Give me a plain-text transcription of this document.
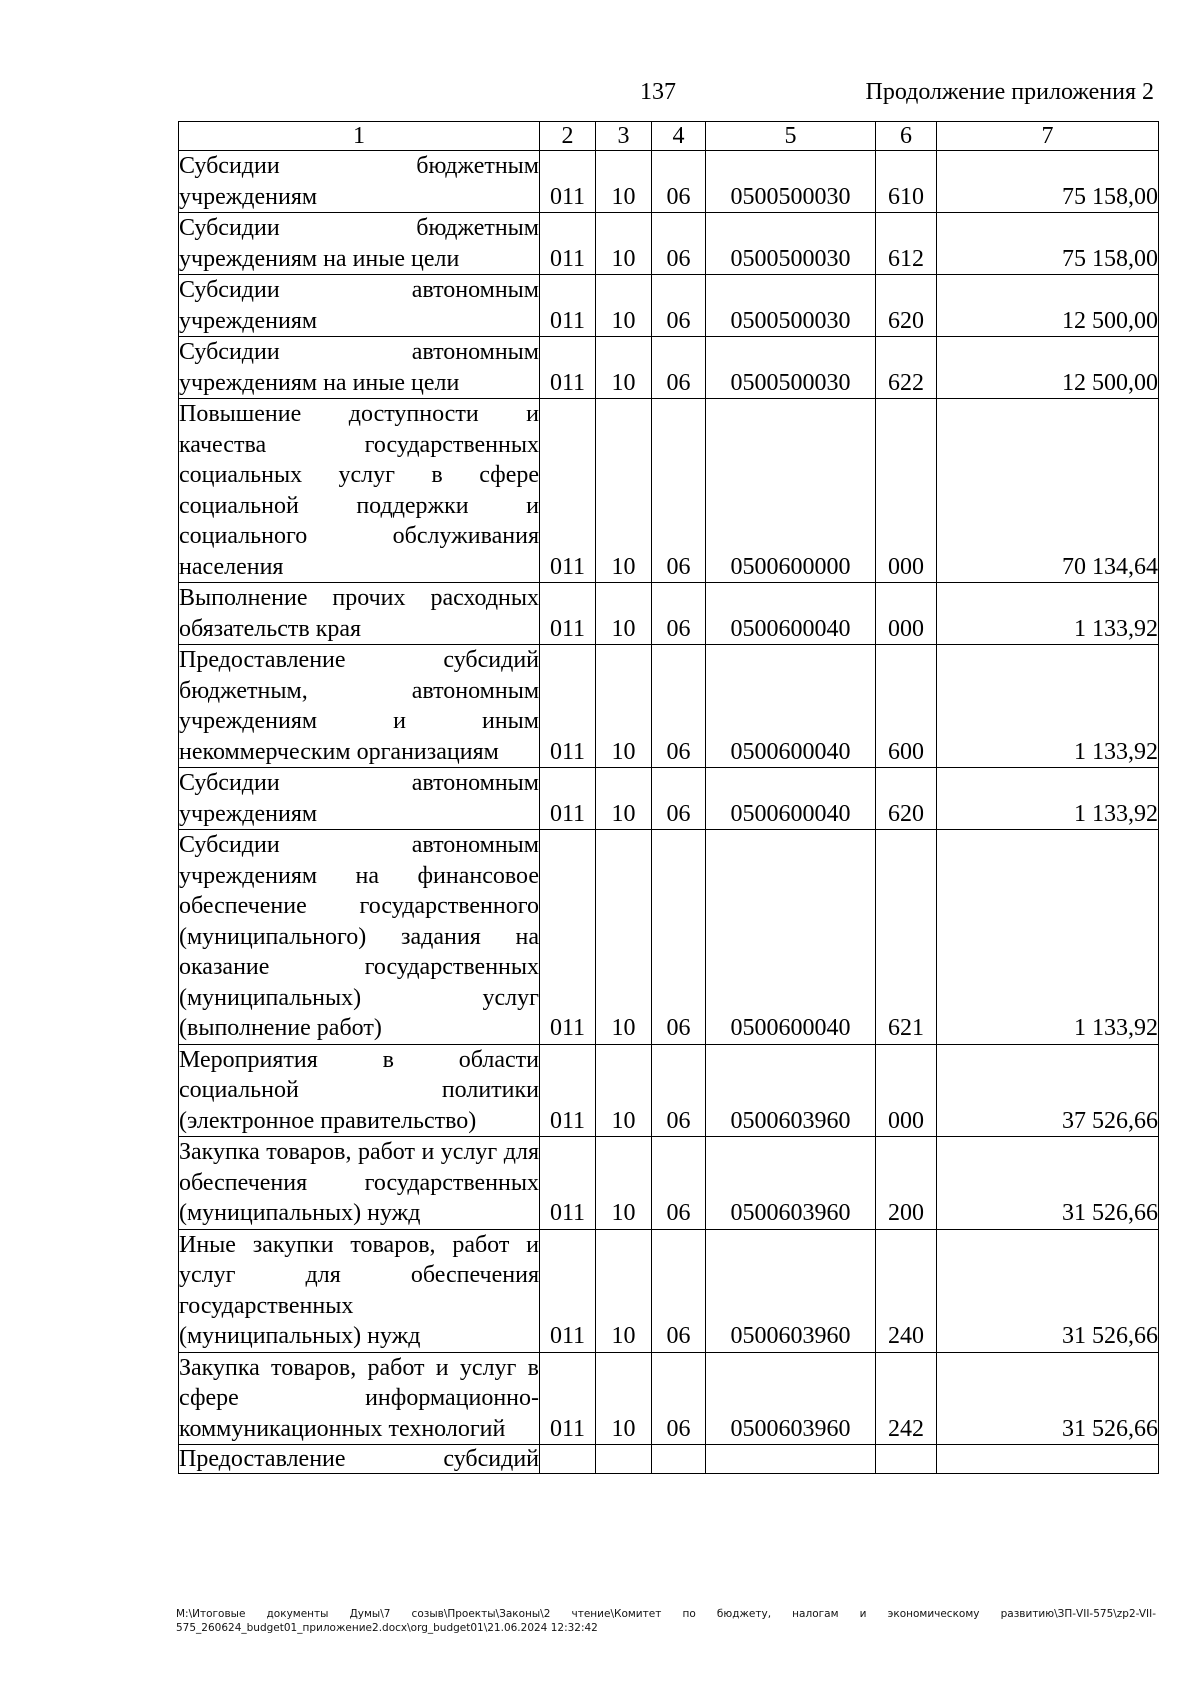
137	Продолжение приложения 2
1	2	3	4	5	6	7
Субсидии бюджетным учреждениям	011	10	06	0500500030	610	75 158,00
Субсидии бюджетным учреждениям на иные цели	011	10	06	0500500030	612	75 158,00
Субсидии автономным учреждениям	011	10	06	0500500030	620	12 500,00
Субсидии автономным учреждениям на иные цели	011	10	06	0500500030	622	12 500,00
Повышение доступности и качества государственных социальных услуг в сфере социальной поддержки и социального обслуживания населения	011	10	06	0500600000	000	70 134,64
Выполнение прочих расходных обязательств края	011	10	06	0500600040	000	1 133,92
Предоставление субсидий бюджетным, автономным учреждениям и иным некоммерческим организациям	011	10	06	0500600040	600	1 133,92
Субсидии автономным учреждениям	011	10	06	0500600040	620	1 133,92
Субсидии автономным учреждениям на финансовое обеспечение государственного (муниципального) задания на оказание государственных (муниципальных) услуг (выполнение работ)	011	10	06	0500600040	621	1 133,92
Мероприятия в области социальной политики (электронное правительство)	011	10	06	0500603960	000	37 526,66
Закупка товаров, работ и услуг для обеспечения государственных (муниципальных) нужд	011	10	06	0500603960	200	31 526,66
Иные закупки товаров, работ и услуг для обеспечения государственных (муниципальных) нужд	011	10	06	0500603960	240	31 526,66
Закупка товаров, работ и услуг в сфере информационно-коммуникационных технологий	011	10	06	0500603960	242	31 526,66
Предоставление субсидий						
М:\Итоговые документы Думы\7 созыв\Проекты\Законы\2 чтение\Комитет по бюджету, налогам и экономическому развитию\ЗП-VII-575\zp2-VII-575_260624_budget01_приложение2.docx\org_budget01\21.06.2024 12:32:42
